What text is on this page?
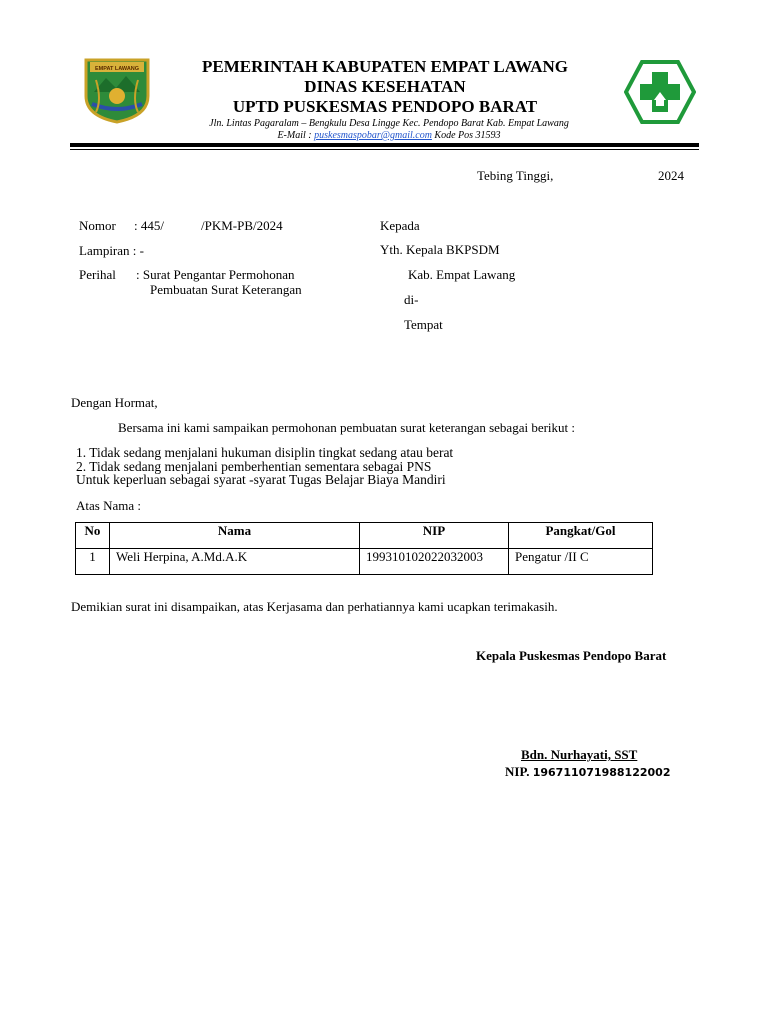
EMPAT LAWANG	PEMERINTAH KABUPATEN EMPAT LAWANG
DINAS KESEHATAN
UPTD PUSKESMAS PENDOPO BARAT
Jln. Lintas Pagaralam – Bengkulu Desa Lingge Kec. Pendopo Barat Kab. Empat Lawang
E-Mail : puskesmaspobar@gmail.com Kode Pos 31593
Tebing Tinggi,	2024
Nomor : 445/	/PKM-PB/2024
Lampiran : -
Perihal : Surat Pengantar Permohonan
Pembuatan Surat Keterangan
Kepada
Yth. Kepala BKPSDM
Kab. Empat Lawang
di-
Tempat
Dengan Hormat,
Bersama ini kami sampaikan permohonan pembuatan surat keterangan sebagai berikut :
1. Tidak sedang menjalani hukuman disiplin tingkat sedang atau berat
2. Tidak sedang menjalani pemberhentian sementara sebagai PNS
Untuk keperluan sebagai syarat -syarat Tugas Belajar Biaya Mandiri
Atas Nama :
No	Nama	NIP	Pangkat/Gol
1	Weli Herpina, A.Md.A.K	199310102022032003	Pengatur /II C
Demikian surat ini disampaikan, atas Kerjasama dan perhatiannya kami ucapkan terimakasih.
Kepala Puskesmas Pendopo Barat
Bdn. Nurhayati, SST
NIP. 196711071988122002
